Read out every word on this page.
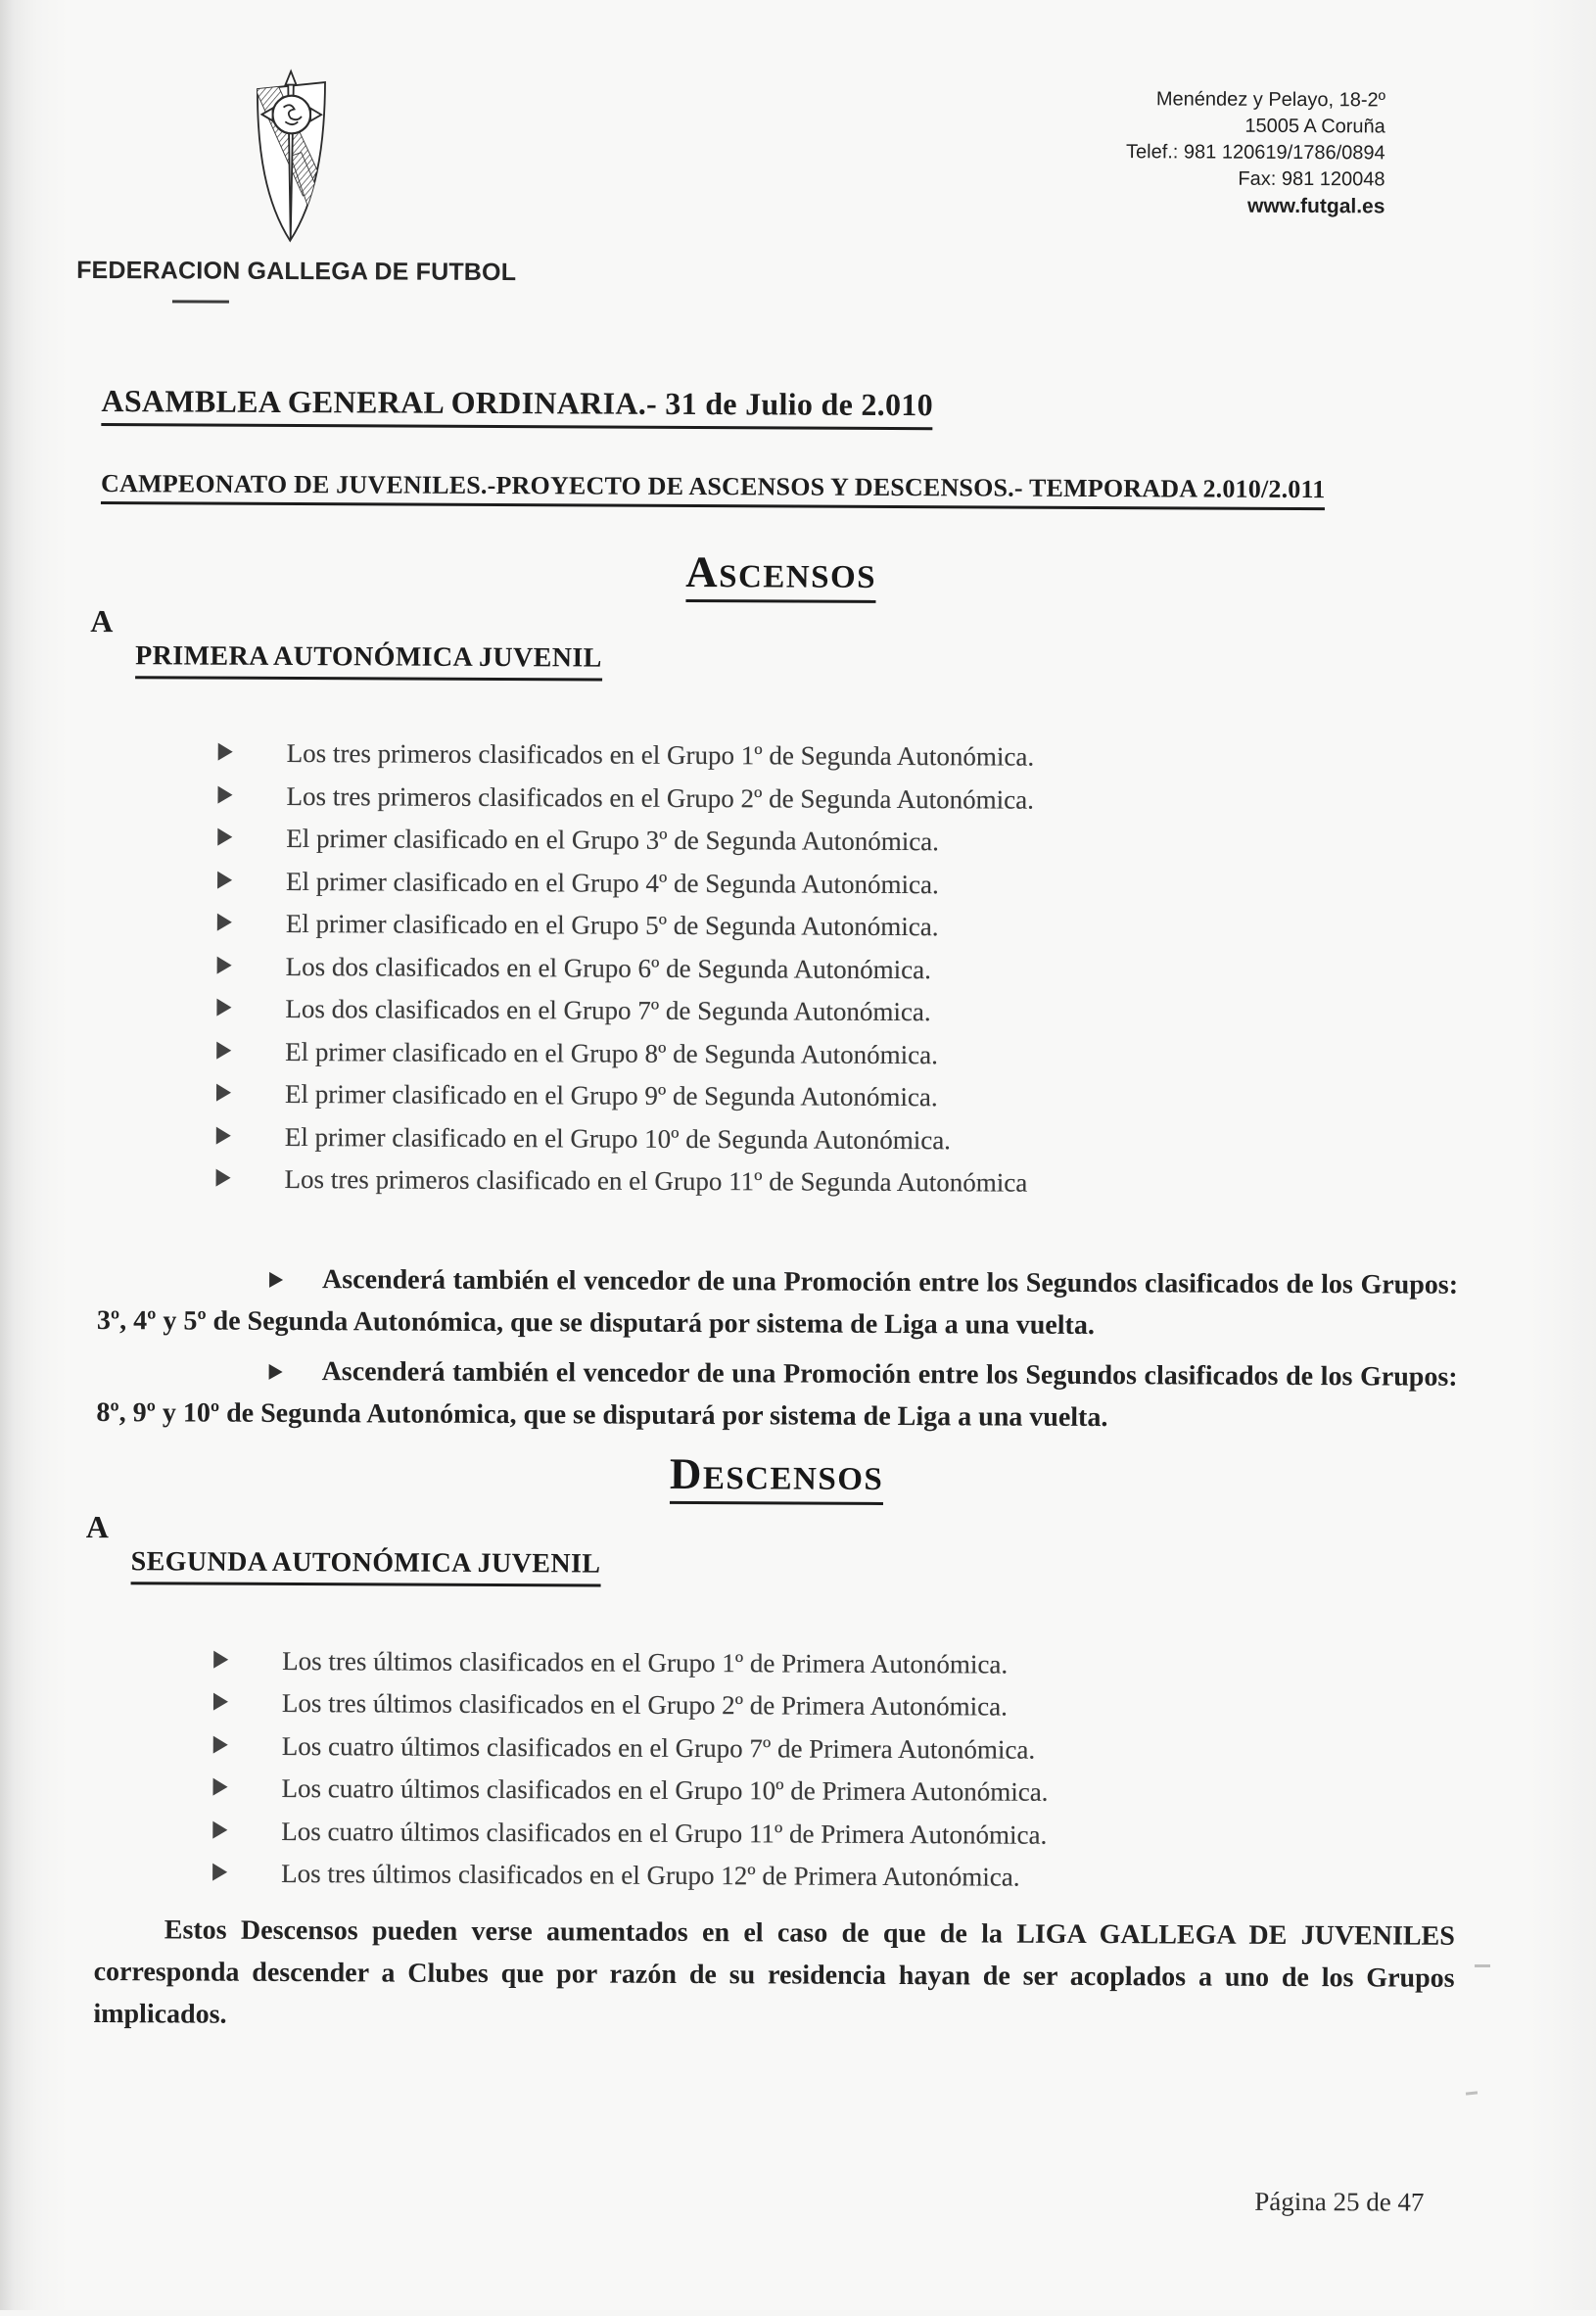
FEDERACION GALLEGA DE FUTBOL
Menéndez y Pelayo, 18-2º
15005 A Coruña
Telef.: 981 120619/1786/0894
Fax: 981 120048
www.futgal.es
ASAMBLEA GENERAL ORDINARIA.- 31 de Julio de 2.010
CAMPEONATO DE JUVENILES.-PROYECTO DE ASCENSOS Y DESCENSOS.- TEMPORADA 2.010/2.011
ASCENSOS
A
PRIMERA AUTONÓMICA JUVENIL
Los tres primeros clasificados en el Grupo 1º de Segunda Autonómica.
Los tres primeros clasificados en el Grupo 2º de Segunda Autonómica.
El primer clasificado en el Grupo 3º de Segunda Autonómica.
El primer clasificado en el Grupo 4º de Segunda Autonómica.
El primer clasificado en el Grupo 5º de Segunda Autonómica.
Los dos clasificados en el Grupo 6º de Segunda Autonómica.
Los dos clasificados en el Grupo 7º de Segunda Autonómica.
El primer clasificado en el Grupo 8º de Segunda Autonómica.
El primer clasificado en el Grupo 9º de Segunda Autonómica.
El primer clasificado en el Grupo 10º de Segunda Autonómica.
Los tres primeros clasificado en el Grupo 11º de Segunda Autonómica

Ascenderá también el vencedor de una Promoción entre los Segundos clasificados de los Grupos: 3º, 4º y 5º de Segunda Autonómica, que se disputará por sistema de Liga a una vuelta.

Ascenderá también el vencedor de una Promoción entre los Segundos clasificados de los Grupos: 8º, 9º y 10º de Segunda Autonómica, que se disputará por sistema de Liga a una vuelta.

DESCENSOS
A
SEGUNDA AUTONÓMICA JUVENIL
Los tres últimos clasificados en el Grupo 1º de Primera Autonómica.
Los tres últimos clasificados en el Grupo 2º de Primera Autonómica.
Los cuatro últimos clasificados en el Grupo 7º de Primera Autonómica.
Los cuatro últimos clasificados en el Grupo 10º de Primera Autonómica.
Los cuatro últimos clasificados en el Grupo 11º de Primera Autonómica.
Los tres últimos clasificados en el Grupo 12º de Primera Autonómica.

Estos Descensos pueden verse aumentados en el caso de que de la LIGA GALLEGA DE JUVENILES corresponda descender a Clubes que por razón de su residencia hayan de ser acoplados a uno de los Grupos implicados.

Página 25 de 47
